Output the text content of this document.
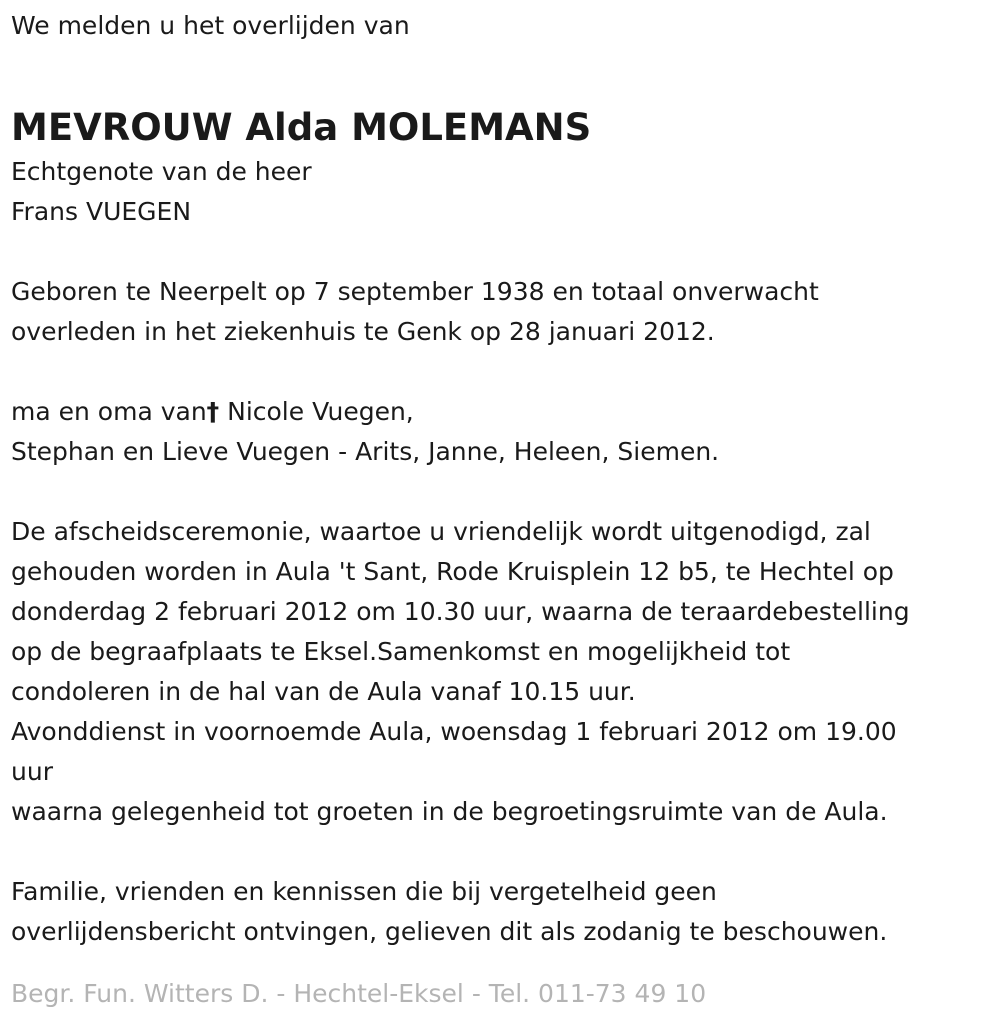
We melden u het overlijden van

MEVROUW Alda MOLEMANS

Echtgenote van de heer

Frans VUEGEN

Geboren te Neerpelt op 7 september 1938 en totaal onverwacht

overleden in het ziekenhuis te Genk op 28 januari 2012.

ma en oma van† Nicole Vuegen,

Stephan en Lieve Vuegen - Arits, Janne, Heleen, Siemen.

De afscheidsceremonie, waartoe u vriendelijk wordt uitgenodigd, zal

gehouden worden in Aula 't Sant, Rode Kruisplein 12 b5, te Hechtel op

donderdag 2 februari 2012 om 10.30 uur, waarna de teraardebestelling

op de begraafplaats te Eksel.Samenkomst en mogelijkheid tot

condoleren in de hal van de Aula vanaf 10.15 uur.

Avonddienst in voornoemde Aula, woensdag 1 februari 2012 om 19.00

uur

waarna gelegenheid tot groeten in de begroetingsruimte van de Aula.

Familie, vrienden en kennissen die bij vergetelheid geen

overlijdensbericht ontvingen, gelieven dit als zodanig te beschouwen.

Begr. Fun. Witters D. - Hechtel-Eksel - Tel. 011-73 49 10
